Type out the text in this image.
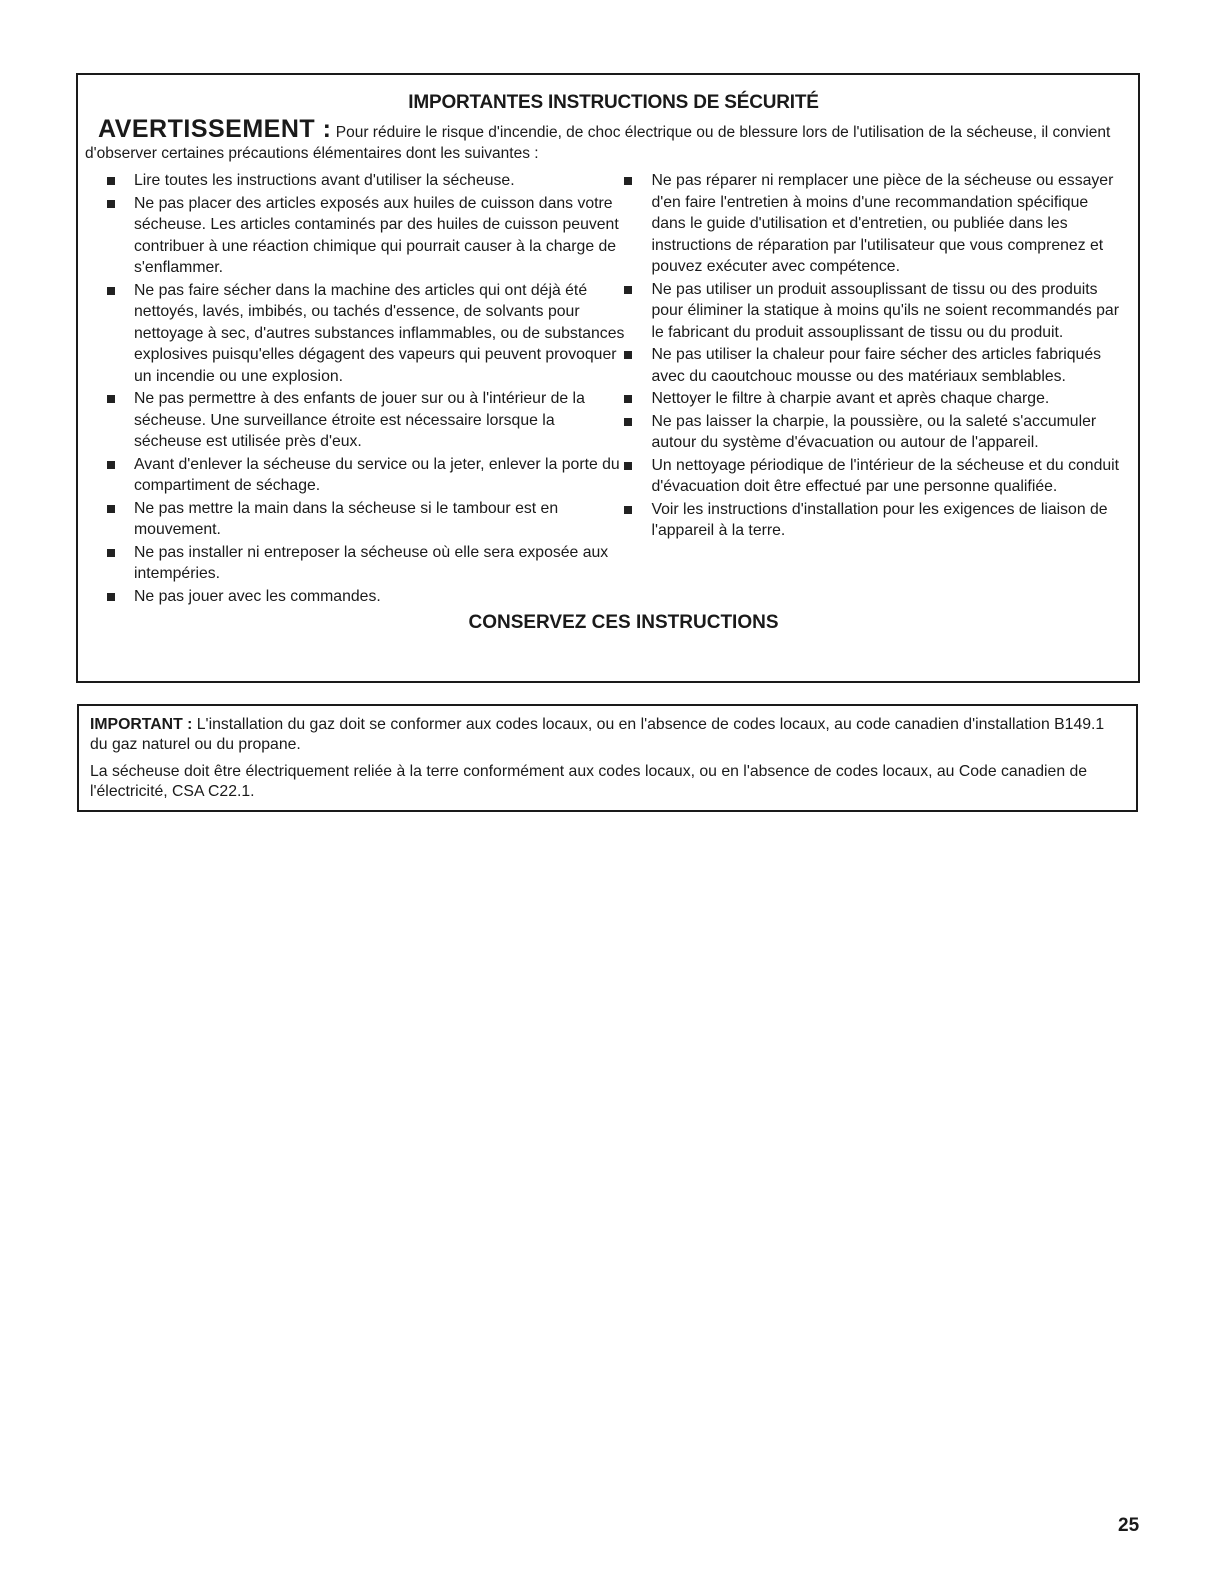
IMPORTANTES INSTRUCTIONS DE SÉCURITÉ

AVERTISSEMENT : Pour réduire le risque d'incendie, de choc électrique ou de blessure lors de l'utilisation de la sécheuse, il convient d'observer certaines précautions élémentaires dont les suivantes :

Lire toutes les instructions avant d'utiliser la sécheuse.
Ne pas placer des articles exposés aux huiles de cuisson dans votre sécheuse. Les articles contaminés par des huiles de cuisson peuvent contribuer à une réaction chimique qui pourrait causer à la charge de s'enflammer.
Ne pas faire sécher dans la machine des articles qui ont déjà été nettoyés, lavés, imbibés, ou tachés d'essence, de solvants pour nettoyage à sec, d'autres substances inflammables, ou de substances explosives puisqu'elles dégagent des vapeurs qui peuvent provoquer un incendie ou une explosion.
Ne pas permettre à des enfants de jouer sur ou à l'intérieur de la sécheuse. Une surveillance étroite est nécessaire lorsque la sécheuse est utilisée près d'eux.
Avant d'enlever la sécheuse du service ou la jeter, enlever la porte du compartiment de séchage.
Ne pas mettre la main dans la sécheuse si le tambour est en mouvement.
Ne pas installer ni entreposer la sécheuse où elle sera exposée aux intempéries.
Ne pas jouer avec les commandes.
Ne pas réparer ni remplacer une pièce de la sécheuse ou essayer d'en faire l'entretien à moins d'une recommandation spécifique dans le guide d'utilisation et d'entretien, ou publiée dans les instructions de réparation par l'utilisateur que vous comprenez et pouvez exécuter avec compétence.
Ne pas utiliser un produit assouplissant de tissu ou des produits pour éliminer la statique à moins qu'ils ne soient recommandés par le fabricant du produit assouplissant de tissu ou du produit.
Ne pas utiliser la chaleur pour faire sécher des articles fabriqués avec du caoutchouc mousse ou des matériaux semblables.
Nettoyer le filtre à charpie avant et après chaque charge.
Ne pas laisser la charpie, la poussière, ou la saleté s'accumuler autour du système d'évacuation ou autour de l'appareil.
Un nettoyage périodique de l'intérieur de la sécheuse et du conduit d'évacuation doit être effectué par une personne qualifiée.
Voir les instructions d'installation pour les exigences de liaison de l'appareil à la terre.
CONSERVEZ CES INSTRUCTIONS

IMPORTANT : L'installation du gaz doit se conformer aux codes locaux, ou en l'absence de codes locaux, au code canadien d'installation B149.1 du gaz naturel ou du propane.

La sécheuse doit être électriquement reliée à la terre conformément aux codes locaux, ou en l'absence de codes locaux, au Code canadien de l'électricité, CSA C22.1.

25
